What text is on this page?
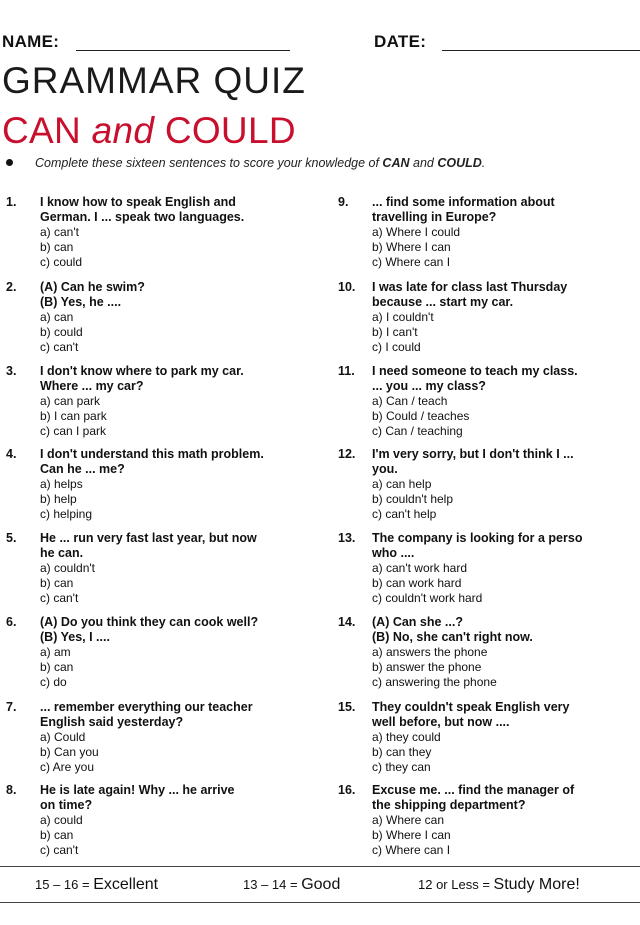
NAME:	DATE:
GRAMMAR QUIZ
CAN and COULD
Complete these sixteen sentences to score your knowledge of CAN and COULD.
1. I know how to speak English and
German. I ... speak two languages.
a) can't
b) can
c) could
2. (A) Can he swim?
(B) Yes, he ....
a) can
b) could
c) can't
3. I don't know where to park my car.
Where ... my car?
a) can park
b) I can park
c) can I park
4. I don't understand this math problem.
Can he ... me?
a) helps
b) help
c) helping
5. He ... run very fast last year, but now
he can.
a) couldn't
b) can
c) can't
6. (A) Do you think they can cook well?
(B) Yes, I ....
a) am
b) can
c) do
7. ... remember everything our teacher
English said yesterday?
a) Could
b) Can you
c) Are you
8. He is late again! Why ... he arrive
on time?
a) could
b) can
c) can't
9. ... find some information about
travelling in Europe?
a) Where I could
b) Where I can
c) Where can I
10. I was late for class last Thursday
because ... start my car.
a) I couldn't
b) I can't
c) I could
11. I need someone to teach my class.
... you ... my class?
a) Can / teach
b) Could / teaches
c) Can / teaching
12. I'm very sorry, but I don't think I ...
you.
a) can help
b) couldn't help
c) can't help
13. The company is looking for a perso
who ....
a) can't work hard
b) can work hard
c) couldn't work hard
14. (A) Can she ...?
(B) No, she can't right now.
a) answers the phone
b) answer the phone
c) answering the phone
15. They couldn't speak English very
well before, but now ....
a) they could
b) can they
c) they can
16. Excuse me. ... find the manager of
the shipping department?
a) Where can
b) Where I can
c) Where can I
15 – 16 = Excellent	13 – 14 = Good	12 or Less = Study More!
